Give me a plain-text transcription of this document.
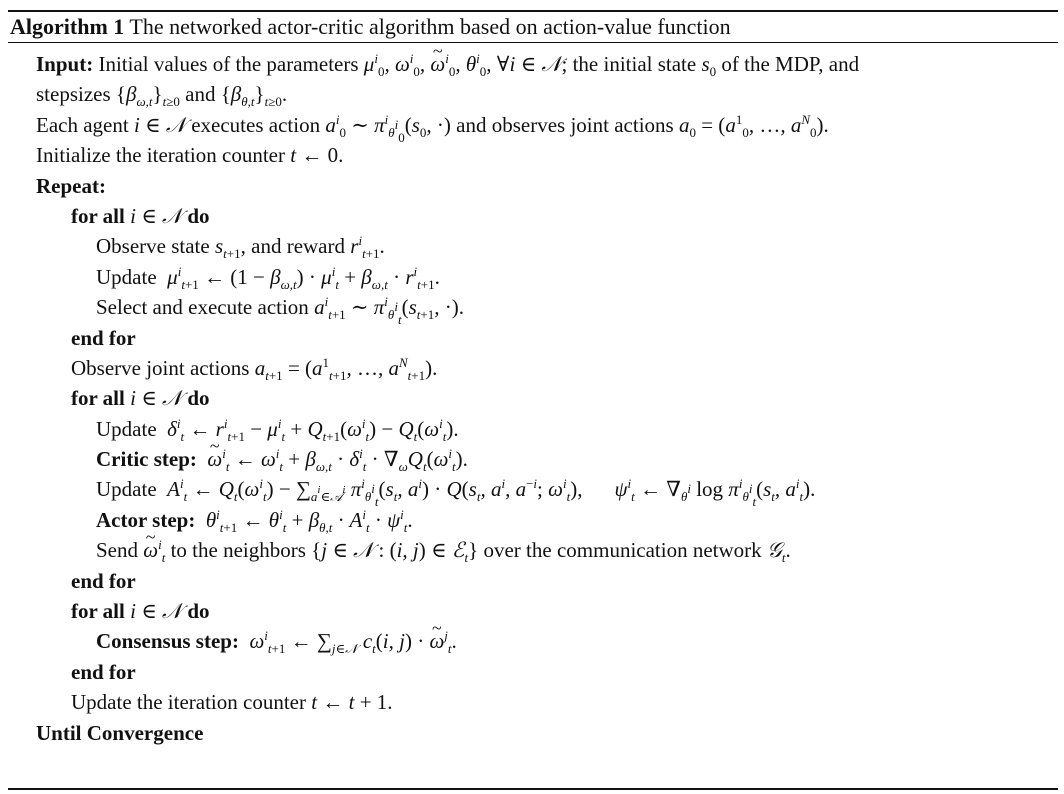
Algorithm 1 The networked actor-critic algorithm based on action-value function
Input: Initial values of the parameters $\mu^i_0$, $\omega^i_0$, ~ $\omega^i_0$, $\theta^i_0$, ∀i ∈ 𝒩; the initial state $s_0$ of the MDP, and
stepsizes $\{\beta_{\omega,t}\}_{t\ge 0}$ and $\{\beta_{\theta,t}\}_{t\ge 0}$.
Each agent i ∈ 𝒩 executes action $a^i_0$ ∼ $\pi^i_{\theta^i_0}(s_0$, ·) and observes joint actions $a_0 = (a^1_0$, …, $a^N_0$).
Initialize the iteration counter t ← 0.
Repeat:
for all i ∈ 𝒩 do
Observe state $s_{t+1}$, and reward $r^i_{t+1}$.
Update $\mu^i_{t+1}$ ← $(1 - \beta_{\omega,t}) \cdot \mu^i_t + \beta_{\omega,t} \cdot r^i_{t+1}$.
Select and execute action $a^i_{t+1}$ ∼ $\pi^i_{\theta^i_t}(s_{t+1}$, ·).
end for
Observe joint actions $a_{t+1} = (a^1_{t+1}$, …, $a^N_{t+1}$).
for all i ∈ 𝒩 do
Update $\delta^i_t$ ← $r^i_{t+1} - \mu^i_t + Q_{t+1}(\omega^i_t) - Q_t(\omega^i_t)$.
Critic step: ~ $\omega^i_t$ ← $\omega^i_t + \beta_{\omega,t} \cdot \delta^i_t \cdot \nabla_\omega Q_t(\omega^i_t)$.
Update $A^i_t$ ← $Q_t(\omega^i_t) - \sum_{a^i\in 𝒜^i}$ $\pi^i_{\theta^i_t}(s_t$, $a^i) \cdot Q(s_t$, $a^i$, $a^{-i}$; $\omega^i_t$), $\psi^i_t$ ← $\nabla_{\theta^i}$ $\log \pi^i_{\theta^i_t}(s_t$, $a^i_t$).
Actor step: $\theta^i_{t+1}$ ← $\theta^i_t + \beta_{\theta,t} \cdot A^i_t \cdot \psi^i_t$.
Send ~ $\omega^i_t$ to the neighbors {j ∈ 𝒩 : (i, j) ∈ ℰ$_t$} over the communication network 𝒢$_t$.
end for
for all i ∈ 𝒩 do
Consensus step: $\omega^i_{t+1}$ ← $\sum_{j\in 𝒩}$ $c_t(i$, j) · ~ $\omega^j_t$.
end for
Update the iteration counter t ← t + 1.
Until Convergence
